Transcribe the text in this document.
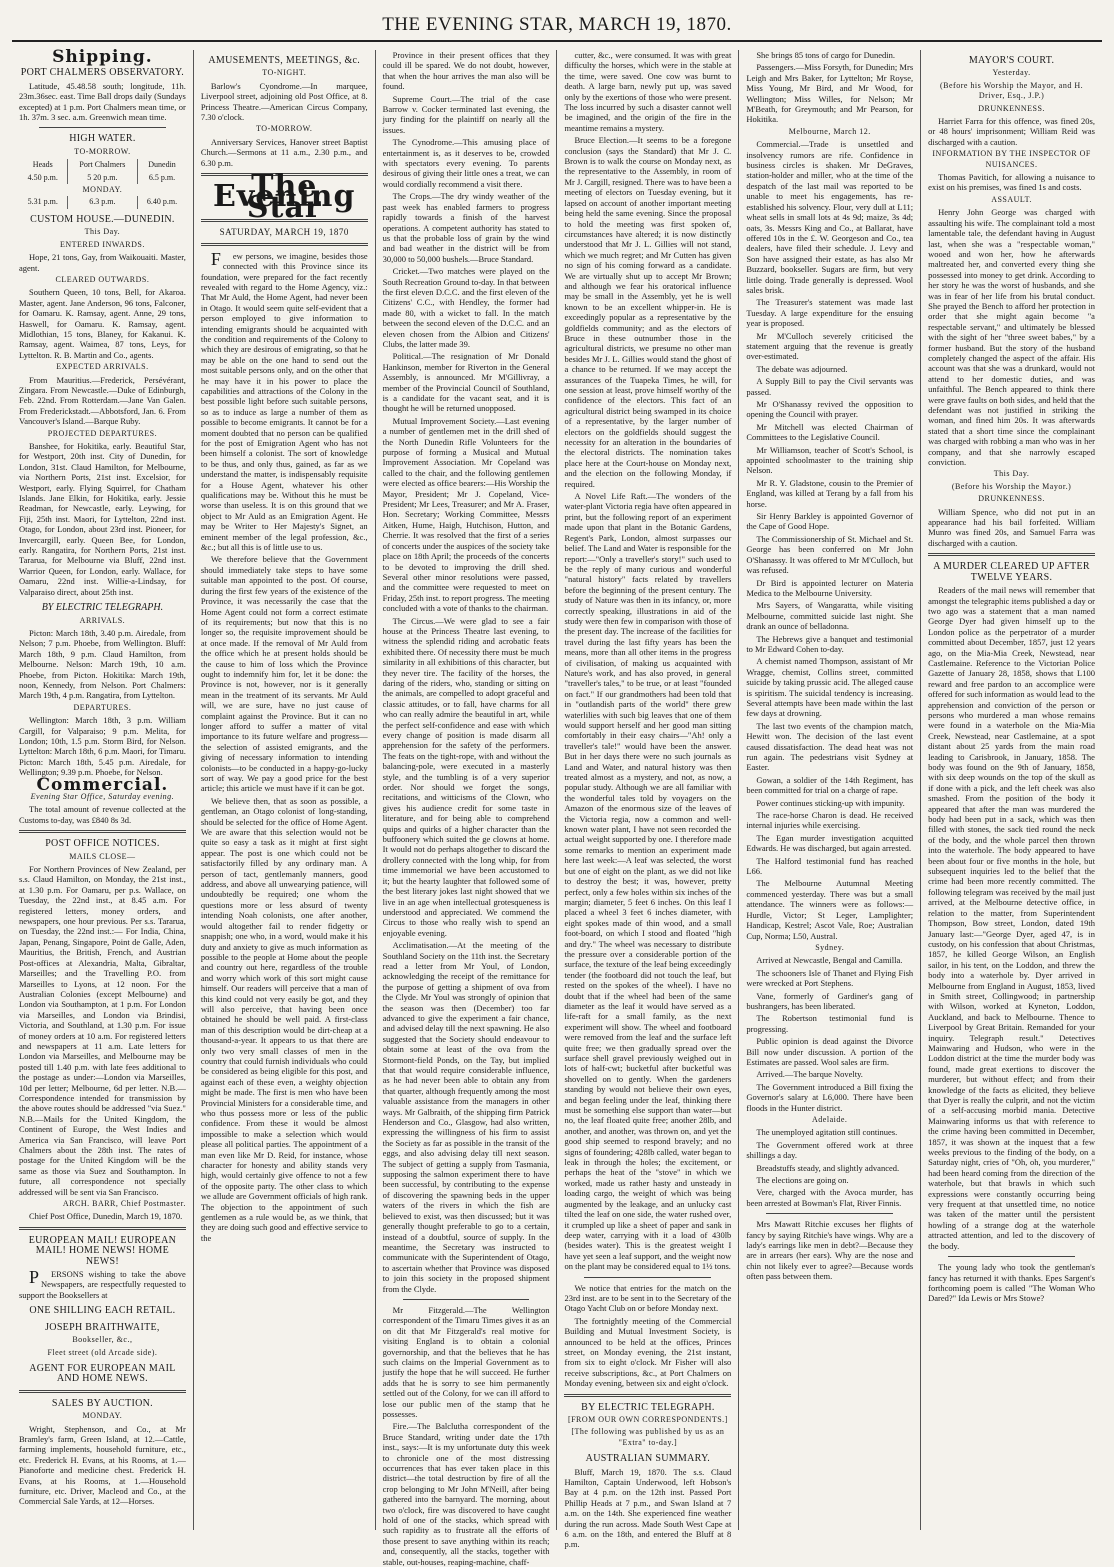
THE EVENING STAR, MARCH 19, 1870.
Shipping.
PORT CHALMERS OBSERVATORY.

Latitude, 45.48.58 south; longitude, 11h. 23m.36sec. east. Time Ball drops daily (Sundays excepted) at 1 p.m. Port Chalmers mean time, or 1h. 37m. 3 sec. a.m. Greenwich mean time.

HIGH WATER.
TO-MORROW.
Heads	Port Chalmers	Dunedin
4.50 p.m.	5 20 p.m.	6.5 p.m.
MONDAY.		
5.31 p.m.	6.3 p.m.	6.40 p.m.
CUSTOM HOUSE.—DUNEDIN.
This Day.
ENTERED INWARDS.

Hope, 21 tons, Gay, from Waikouaiti. Master, agent.

CLEARED OUTWARDS.

Southern Queen, 10 tons, Bell, for Akaroa. Master, agent. Jane Anderson, 96 tons, Falconer, for Oamaru. K. Ramsay, agent. Anne, 29 tons, Haswell, for Oamaru. K. Ramsay, agent. Midlothian, 15 tons, Blaney, for Kakanui. K. Ramsay, agent. Waimea, 87 tons, Leys, for Lyttelton. R. B. Martin and Co., agents.

EXPECTED ARRIVALS.

From Mauritius.—Frederick, Persévérant, Zingara. From Newcastle.—Duke of Edinburgh, Feb. 22nd. From Rotterdam.—Jane Van Galen. From Frederickstadt.—Abbotsford, Jan. 6. From Vancouver's Island.—Barque Ruby.

PROJECTED DEPARTURES.

Banshee, for Hokitika, early. Beautiful Star, for Westport, 20th inst. City of Dunedin, for London, 31st. Claud Hamilton, for Melbourne, via Northern Ports, 21st inst. Excelsior, for Westport, early. Flying Squirrel, for Chatham Islands. Jane Elkin, for Hokitika, early. Jessie Readman, for Newcastle, early. Leywing, for Fiji, 25th inst. Maori, for Lyttelton, 22nd inst. Otago, for London, about 23rd inst. Pioneer, for Invercargill, early. Queen Bee, for London, early. Rangatira, for Northern Ports, 21st inst. Tararua, for Melbourne via Bluff, 22nd inst. Warrior Queen, for London, early. Wallace, for Oamaru, 22nd inst. Willie-a-Lindsay, for Valparaiso direct, about 25th inst.

BY ELECTRIC TELEGRAPH.
ARRIVALS.

Picton: March 18th, 3.40 p.m. Airedale, from Nelson; 7 p.m. Phoebe, from Wellington. Bluff: March 18th, 9 p.m. Claud Hamilton, from Melbourne. Nelson: March 19th, 10 a.m. Phoebe, from Picton. Hokitika: March 19th, noon, Kennedy, from Nelson. Port Chalmers: March 19th, 4 p.m. Rangatira, from Lyttelton.

DEPARTURES.

Wellington: March 18th, 3 p.m. William Cargill, for Valparaiso; 9 p.m. Melita, for London; 10th, 1.5 p.m. Storm Bird, for Nelson. Lyttelton: March 18th, 6 p.m. Maori, for Timaru. Picton: March 18th, 5.45 p.m. Airedale, for Wellington; 9.39 p.m. Phoebe, for Nelson.

Commercial.
Evening Star Office, Saturday evening.

The total amount of revenue collected at the Customs to-day, was £840 8s 3d.

POST OFFICE NOTICES.
MAILS CLOSE—

For Northern Provinces of New Zealand, per s.s. Claud Hamilton, on Monday, the 21st inst., at 1.30 p.m. For Oamaru, per p.s. Wallace, on Tuesday, the 22nd inst., at 8.45 a.m. For registered letters, money orders, and newspapers, one hour previous. Per s.s. Tararua, on Tuesday, the 22nd inst.:— For India, China, Japan, Penang, Singapore, Point de Galle, Aden, Mauritius, the British, French, and Austrian Post-offices at Alexandria, Malta, Gibraltar, Marseilles; and the Travelling P.O. from Marseilles to Lyons, at 12 noon. For the Australian Colonies (except Melbourne) and London via Southampton, at 1 p.m. For London via Marseilles, and London via Brindisi, Victoria, and Southland, at 1.30 p.m. For issue of money orders at 10 a.m. For registered letters and newspapers at 11 a.m. Late letters for London via Marseilles, and Melbourne may be posted till 1.40 p.m. with late fees additional to the postage as under:—London via Marseilles, 10d per letter; Melbourne, 6d per letter. N.B.—Correspondence intended for transmission by the above routes should be addressed "via Suez." N.B.—Mails for the United Kingdom, the Continent of Europe, the West Indies and America via San Francisco, will leave Port Chalmers about the 28th inst. The rates of postage for the United Kingdom will be the same as those via Suez and Southampton. In future, all correspondence not specially addressed will be sent via San Francisco.

ARCH. BARR, Chief Postmaster.

Chief Post Office, Dunedin, March 19, 1870.

EUROPEAN MAIL! EUROPEAN MAIL! HOME NEWS! HOME NEWS!

PERSONS wishing to take the above Newspapers, are respectfully requested to support the Booksellers at

ONE SHILLING EACH RETAIL.
JOSEPH BRAITHWAITE,
Bookseller, &c.,
Fleet street (old Arcade side).
AGENT FOR EUROPEAN MAIL AND HOME NEWS.
SALES BY AUCTION.
MONDAY.

Wright, Stephenson, and Co., at Mr Bramley's farm, Green Island, at 12.—Cattle, farming implements, household furniture, etc., etc. Frederick H. Evans, at his Rooms, at 1.—Pianoforte and medicine chest. Frederick H. Evans, at his Rooms, at 1.—Household furniture, etc. Driver, Macleod and Co., at the Commercial Sale Yards, at 12—Horses.

AMUSEMENTS, MEETINGS, &c.
TO-NIGHT.

Barlow's Cyondrome.—In marquee, Liverpool street, adjoining old Post Office, at 8. Princess Theatre.—American Circus Company, 7.30 o'clock.

TO-MORROW.

Anniversary Services, Hanover street Baptist Church.—Sermons at 11 a.m., 2.30 p.m., and 6.30 p.m.

The Evening Star
SATURDAY, MARCH 19, 1870

Few persons, we imagine, besides those connected with this Province since its foundation, were prepared for the fact recently revealed with regard to the Home Agency, viz.: That Mr Auld, the Home Agent, had never been in Otago. It would seem quite self-evident that a person employed to give information to intending emigrants should be acquainted with the condition and requirements of the Colony to which they are desirous of emigrating, so that he may be able on the one hand to send out the most suitable persons only, and on the other that he may have it in his power to place the capabilities and attractions of the Colony in the best possible light before such suitable persons, so as to induce as large a number of them as possible to become emigrants. It cannot be for a moment doubted that no person can be qualified for the post of Emigration Agent who has not been himself a colonist. The sort of knowledge to be thus, and only thus, gained, as far as we understand the matter, is indispensably requisite for a House Agent, whatever his other qualifications may be. Without this he must be worse than useless. It is on this ground that we object to Mr Auld as an Emigration Agent. He may be Writer to Her Majesty's Signet, an eminent member of the legal profession, &c., &c.; but all this is of little use to us.

We therefore believe that the Government should immediately take steps to have some suitable man appointed to the post. Of course, during the first few years of the existence of the Province, it was necessarily the case that the Home Agent could not form a correct estimate of its requirements; but now that this is no longer so, the requisite improvement should be at once made. If the removal of Mr Auld from the office which he at present holds should be the cause to him of loss which the Province ought to indemnify him for, let it be done: the Province is not, however, nor is it generally mean in the treatment of its servants. Mr Auld will, we are sure, have no just cause of complaint against the Province. But it can no longer afford to suffer a matter of vital importance to its future welfare and progress—the selection of assisted emigrants, and the giving of necessary information to intending colonists—to be conducted in a happy-go-lucky sort of way. We pay a good price for the best article; this article we must have if it can be got.

We believe then, that as soon as possible, a gentleman, an Otago colonist of long-standing, should be selected for the office of Home Agent. We are aware that this selection would not be quite so easy a task as it might at first sight appear. The post is one which could not be satisfactorily filled by any ordinary man. A person of tact, gentlemanly manners, good address, and above all unwearying patience, will undoubtedly be required; one whom the questions more or less absurd of twenty intending Noah colonists, one after another, would altogether fail to render fidgetty or snappish; one who, in a word, would make it his duty and anxiety to give as much information as possible to the people at Home about the people and country out here, regardless of the trouble and worry which work of this sort might cause himself. Our readers will perceive that a man of this kind could not very easily be got, and they will also perceive, that having been once obtained he should be well paid. A first-class man of this description would be dirt-cheap at a thousand-a-year. It appears to us that there are only two very small classes of men in the country that could furnish individuals who could be considered as being eligible for this post, and against each of these even, a weighty objection might be made. The first is men who have been Provincial Ministers for a considerable time, and who thus possess more or less of the public confidence. From these it would be almost impossible to make a selection which would please all political parties. The appointment of a man even like Mr D. Reid, for instance, whose character for honesty and ability stands very high, would certainly give offence to not a few of the opposite party. The other class to which we allude are Government officials of high rank. The objection to the appointment of such gentlemen as a rule would be, as we think, that they are doing such good and effective service to the

Province in their present offices that they could ill be spared. We do not doubt, however, that when the hour arrives the man also will be found.

Supreme Court.—The trial of the case Barrow v. Cocker terminated last evening, the jury finding for the plaintiff on nearly all the issues.

The Cynodrome.—This amusing place of entertainment is, as it deserves to be, crowded with spectators every evening. To parents desirous of giving their little ones a treat, we can would cordially recommend a visit there.

The Crops.—The dry windy weather of the past week has enabled farmers to progress rapidly towards a finish of the harvest operations. A competent authority has stated to us that the probable loss of grain by the wind and bad weather in the district will be from 30,000 to 50,000 bushels.—Bruce Standard.

Cricket.—Two matches were played on the South Recreation Ground to-day. In that between the first eleven D.C.C. and the first eleven of the Citizens' C.C., with Hendley, the former had made 80, with a wicket to fall. In the match between the second eleven of the D.C.C. and an eleven chosen from the Albion and Citizens' Clubs, the latter made 39.

Political.—The resignation of Mr Donald Hankinson, member for Riverton in the General Assembly, is announced. Mr M'Gillivray, a member of the Provincial Council of Southland, is a candidate for the vacant seat, and it is thought he will be returned unopposed.

Mutual Improvement Society.—Last evening a number of gentlemen met in the drill shed of the North Dunedin Rifle Volunteers for the purpose of forming a Musical and Mutual Improvement Association. Mr Copeland was called to the chair, and the following gentlemen were elected as office bearers:—His Worship the Mayor, President; Mr J. Copeland, Vice-President; Mr Lees, Treasurer; and Mr A. Fraser, Hon. Secretary; Working Committee, Messrs Aitken, Hume, Haigh, Hutchison, Hutton, and Cherrie. It was resolved that the first of a series of concerts under the auspices of the society take place on 18th April; the proceeds of the concerts to be devoted to improving the drill shed. Several other minor resolutions were passed, and the committee were requested to meet on Friday, 25th inst. to report progress. The meeting concluded with a vote of thanks to the chairman.

The Circus.—We were glad to see a fair house at the Princess Theatre last evening, to witness the splendid riding and acrobatic feats exhibited there. Of necessity there must be much similarity in all exhibitions of this character, but they never tire. The facility of the horses, the daring of the riders, who, standing or sitting on the animals, are compelled to adopt graceful and classic attitudes, or to fall, have charms for all who can really admire the beautiful in art, while the perfect self-confidence and ease with which every change of position is made disarm all apprehension for the safety of the performers. The feats on the tight-rope, with and without the balancing-pole, were executed in a masterly style, and the tumbling is of a very superior order. Nor should we forget the songs, recitations, and witticisms of the Clown, who gives his audience credit for some taste in literature, and for being able to comprehend quips and quirks of a higher character than the buffoonery which suited the ge clowns at home. It would not do perhaps altogether to discard the drollery connected with the long whip, for from time immemorial we have been accustomed to it; but the hearty laughter that followed some of the best literary jokes last night showed that we live in an age when intellectual grotesqueness is understood and appreciated. We commend the Circus to those who really wish to spend an enjoyable evening.

Acclimatisation.—At the meeting of the Southland Society on the 11th inst. the Secretary read a letter from Mr Youl, of London, acknowledging the receipt of the remittance for the purpose of getting a shipment of ova from the Clyde. Mr Youl was strongly of opinion that the season was then (December) too far advanced to give the experiment a fair chance, and advised delay till the next spawning. He also suggested that the Society should endeavour to obtain some at least of the ova from the Stormont-field Ponds, on the Tay, but implied that that would require considerable influence, as he had never been able to obtain any from that quarter, although frequently among the most valuable assistance from the managers in other ways. Mr Galbraith, of the shipping firm Patrick Henderson and Co., Glasgow, had also written, expressing the willingness of his firm to assist the Society as far as possible in the transit of the eggs, and also advising delay till next season. The subject of getting a supply from Tasmania, supposing the salmon experiment there to have been successful, by contributing to the expense of discovering the spawning beds in the upper waters of the rivers in which the fish are believed to exist, was then discussed; but it was generally thought preferable to go to a certain, instead of a doubtful, source of supply. In the meantime, the Secretary was instructed to communicate with the Superintendent of Otago, to ascertain whether that Province was disposed to join this society in the proposed shipment from the Clyde.

Mr Fitzgerald.—The Wellington correspondent of the Timaru Times gives it as an on dit that Mr Fitzgerald's real motive for visiting England is to obtain a colonial governorship, and that the believes that he has such claims on the Imperial Government as to justify the hope that he will succeed. He further adds that he is sorry to see him permanently settled out of the Colony, for we can ill afford to lose our public men of the stamp that he possesses.

Fire.—The Balclutha correspondent of the Bruce Standard, writing under date the 17th inst., says:—It is my unfortunate duty this week to chronicle one of the most distressing occurrences that has ever taken place in this district—the total destruction by fire of all the crop belonging to Mr John M'Neill, after being gathered into the barnyard. The morning, about two o'clock, fire was discovered to have caught hold of one of the stacks, which spread with such rapidity as to frustrate all the efforts of those present to save anything within its reach; and, consequently, all the stacks, together with stable, out-houses, reaping-machine, chaff-

cutter, &c., were consumed. It was with great difficulty the horses, which were in the stable at the time, were saved. One cow was burnt to death. A large barn, newly put up, was saved only by the exertions of those who were present. The loss incurred by such a disaster cannot well be imagined, and the origin of the fire in the meantime remains a mystery.

Bruce Election.—It seems to be a foregone conclusion (says the Standard) that Mr J. C. Brown is to walk the course on Monday next, as the representative to the Assembly, in room of Mr J. Cargill, resigned. There was to have been a meeting of electors on Tuesday evening, but it lapsed on account of another important meeting being held the same evening. Since the proposal to hold the meeting was first spoken of, circumstances have altered; it is now distinctly understood that Mr J. L. Gillies will not stand, which we much regret; and Mr Cutten has given no sign of his coming forward as a candidate. We are virtually shut up to accept Mr Brown; and although we fear his oratorical influence may be small in the Assembly, yet he is well known to be an excellent whipper-in. He is exceedingly popular as a representative by the goldfields community; and as the electors of Bruce in these outnumber those in the agricultural districts, we presume no other man besides Mr J. L. Gillies would stand the ghost of a chance to be returned. If we may accept the assurances of the Tuapeka Times, he will, for one session at least, prove himself worthy of the confidence of the electors. This fact of an agricultural district being swamped in its choice of a representative, by the larger number of electors on the goldfields should suggest the necessity for an alteration in the boundaries of the electoral districts. The nomination takes place here at the Court-house on Monday next, and the election on the following Monday, if required.

A Novel Life Raft.—The wonders of the water-plant Victoria regia have often appeared in print, but the following report of an experiment made upon that plant in the Botanic Gardens, Regent's Park, London, almost surpasses our belief. The Land and Water is responsible for the report:—"Only a traveller's story!" such used to be the reply of many curious and wonderful "natural history" facts related by travellers before the beginning of the present century. The study of Nature was then in its infancy, or, more correctly speaking, illustrations in aid of the study were then few in comparison with those of the present day. The increase of the facilities for travel during the last fifty years has been the means, more than all other items in the progress of civilisation, of making us acquainted with Nature's work, and has also proved, in general "traveller's tales," to be true, or at least "founded on fact." If our grandmothers had been told that in "outlandish parts of the world" there grew waterlilies with such big leaves that one of them would support herself and her good man sitting comfortably in their easy chairs—"Ah! only a traveller's tale!" would have been the answer. But in her days there were no such journals as Land and Water, and natural history was then treated almost as a mystery, and not, as now, a popular study. Although we are all familiar with the wonderful tales told by voyagers on the Amazon of the enormous size of the leaves of the Victoria regia, now a common and well-known water plant, I have not seen recorded the actual weight supported by one. I therefore made some remarks to mention an experiment made here last week:—A leaf was selected, the worst but one of eight on the plant, as we did not like to destroy the best; it was, however, pretty perfect, only a few holes within six inches of the margin; diameter, 5 feet 6 inches. On this leaf I placed a wheel 3 feet 6 inches diameter, with eight spokes made of thin wood, and a small foot-board, on which I stood and floated "high and dry." The wheel was necessary to distribute the pressure over a considerable portion of the surface, the texture of the leaf being exceedingly tender (the footboard did not touch the leaf, but rested on the spokes of the wheel). I have no doubt that if the wheel had been of the same diameter as the leaf it would have served as a life-raft for a small family, as the next experiment will show. The wheel and footboard were removed from the leaf and the surface left quite free; we then gradually spread over the surface shell gravel previously weighed out in lots of half-cwt; bucketful after bucketful was shovelled on to gently. When the gardeners standing by would not believe their own eyes, and began feeling under the leaf, thinking there must be something else support than water—but no, the leaf floated quite free; another 28lb, and another, and another, was thrown on, and yet the good ship seemed to respond bravely; and no signs of foundering; 428lb called, water began to leak in through the holes; the excitement, or perhaps the heat of the "stove" in which we worked, made us rather hasty and unsteady in loading cargo, the weight of which was being augmented by the leakage, and an unlucky cast tilted the leaf on one side, the water rushed over, it crumpled up like a sheet of paper and sank in deep water, carrying with it a load of 430lb (besides water). This is the greatest weight I have yet seen a leaf support, and the weight now on the plant may be considered equal to 1½ tons.

We notice that entries for the match on the 23rd inst. are to be sent in to the Secretary of the Otago Yacht Club on or before Monday next.

The fortnightly meeting of the Commercial Building and Mutual Investment Society, is announced to be held at the offices, Princes street, on Monday evening, the 21st instant, from six to eight o'clock. Mr Fisher will also receive subscriptions, &c., at Port Chalmers on Monday evening, between six and eight o'clock.

BY ELECTRIC TELEGRAPH.
[FROM OUR OWN CORRESPONDENTS.]
[The following was published by us as an "Extra" to-day.]
AUSTRALIAN SUMMARY.

Bluff, March 19, 1870. The s.s. Claud Hamilton, Captain Underwood, left Hobson's Bay at 4 p.m. on the 12th inst. Passed Port Phillip Heads at 7 p.m., and Swan Island at 7 a.m. on the 14th. She experienced fine weather during the run across. Made South West Cape at 6 a.m. on the 18th, and entered the Bluff at 8 p.m.

She brings 85 tons of cargo for Dunedin.

Passengers.—Miss Forsyth, for Dunedin; Mrs Leigh and Mrs Baker, for Lyttelton; Mr Royse, Miss Young, Mr Bird, and Mr Wood, for Wellington; Miss Willes, for Nelson; Mr M'Beath, for Greymouth; and Mr Pearson, for Hokitika.

Melbourne, March 12.

Commercial.—Trade is unsettled and insolvency rumors are rife. Confidence in business circles is shaken. Mr DeGraves, station-holder and miller, who at the time of the despatch of the last mail was reported to be unable to meet his engagements, has re-established his solvency. Flour, very dull at L11; wheat sells in small lots at 4s 9d; maize, 3s 4d; oats, 3s. Messrs King and Co., at Ballarat, have offered 10s in the £. W. Georgeson and Co., tea dealers, have filed their schedule. J. Levy and Son have assigned their estate, as has also Mr Buzzard, bookseller. Sugars are firm, but very little doing. Trade generally is depressed. Wool sales brisk.

The Treasurer's statement was made last Tuesday. A large expenditure for the ensuing year is proposed.

Mr M'Culloch severely criticised the statement arguing that the revenue is greatly over-estimated.

The debate was adjourned.

A Supply Bill to pay the Civil servants was passed.

Mr O'Shanassy revived the opposition to opening the Council with prayer.

Mr Mitchell was elected Chairman of Committees to the Legislative Council.

Mr Williamson, teacher of Scott's School, is appointed schoolmaster to the training ship Nelson.

Mr R. Y. Gladstone, cousin to the Premier of England, was killed at Terang by a fall from his horse.

Sir Henry Barkley is appointed Governor of the Cape of Good Hope.

The Commissionership of St. Michael and St. George has been conferred on Mr John O'Shanassy. It was offered to Mr M'Culloch, but was refused.

Dr Bird is appointed lecturer on Materia Medica to the Melbourne University.

Mrs Sayers, of Wangaratta, while visiting Melbourne, committed suicide last night. She drank an ounce of belladonna.

The Hebrews give a banquet and testimonial to Mr Edward Cohen to-day.

A chemist named Thompson, assistant of Mr Wragge, chemist, Collins street, committed suicide by taking prussic acid. The alleged cause is spiritism. The suicidal tendency is increasing. Several attempts have been made within the last few days at drowning.

The last two events of the champion match, Hewitt won. The decision of the last event caused dissatisfaction. The dead heat was not run again. The pedestrians visit Sydney at Easter.

Gowan, a soldier of the 14th Regiment, has been committed for trial on a charge of rape.

Power continues sticking-up with impunity.

The race-horse Charon is dead. He received internal injuries while exercising.

The Egan murder investigation acquitted Edwards. He was discharged, but again arrested.

The Halford testimonial fund has reached L66.

The Melbourne Autumnal Meeting commenced yesterday. There was but a small attendance. The winners were as follows:—Hurdle, Victor; St Leger, Lamplighter; Handicap, Kestrel; Ascot Vale, Roe; Australian Cup, Norma; L50, Austral.

Sydney.

Arrived at Newcastle, Bengal and Camilla.

The schooners Isle of Thanet and Flying Fish were wrecked at Port Stephens.

Vane, formerly of Gardiner's gang of bushrangers, has been liberated.

The Robertson testimonial fund is progressing.

Public opinion is dead against the Divorce Bill now under discussion. A portion of the Estimates are passed. Wool sales are firm.

Arrived.—The barque Novelty.

The Government introduced a Bill fixing the Governor's salary at L6,000. There have been floods in the Hunter district.

Adelaide.

The unemployed agitation still continues.

The Government offered work at three shillings a day.

Breadstuffs steady, and slightly advanced.

The elections are going on.

Vere, charged with the Avoca murder, has been arrested at Bowman's Flat, River Finnis.

Mrs Mawatt Ritchie excuses her flights of fancy by saying Ritchie's have wings. Why are a lady's earrings like men in debt?—Because they are in arrears (her ears). Why are the nose and chin not likely ever to agree?—Because words often pass between them.

MAYOR'S COURT.
Yesterday.
(Before his Worship the Mayor, and H. Driver, Esq., J.P.)
DRUNKENNESS.

Harriet Farra for this offence, was fined 20s, or 48 hours' imprisonment; William Reid was discharged with a caution.

INFORMATION BY THE INSPECTOR OF NUISANCES.

Thomas Pavitich, for allowing a nuisance to exist on his premises, was fined 1s and costs.

ASSAULT.

Henry John George was charged with assaulting his wife. The complainant told a most lamentable tale, the defendant having in August last, when she was a "respectable woman," wooed and won her, how he afterwards maltreated her, and converted every thing she possessed into money to get drink. According to her story he was the worst of husbands, and she was in fear of her life from his brutal conduct. She prayed the Bench to afford her protection in order that she might again become "a respectable servant," and ultimately be blessed with the sight of her "three sweet babes," by a former husband. But the story of the husband completely changed the aspect of the affair. His account was that she was a drunkard, would not attend to her domestic duties, and was unfaithful. The Bench appeared to think there were grave faults on both sides, and held that the defendant was not justified in striking the woman, and fined him 20s. It was afterwards stated that a short time since the complainant was charged with robbing a man who was in her company, and that she narrowly escaped conviction.

This Day.
(Before his Worship the Mayor.)
DRUNKENNESS.

William Spence, who did not put in an appearance had his bail forfeited. William Munro was fined 20s, and Samuel Farra was discharged with a caution.

A MURDER CLEARED UP AFTER TWELVE YEARS.

Readers of the mail news will remember that amongst the telegraphic items published a day or two ago was a statement that a man named George Dyer had given himself up to the London police as the perpetrator of a murder committed about December, 1857, just 12 years ago, on the Mia-Mia Creek, Newstead, near Castlemaine. Reference to the Victorian Police Gazette of January 28, 1858, shows that L100 reward and free pardon to an accomplice were offered for such information as would lead to the apprehension and conviction of the person or persons who murdered a man whose remains were found in a waterhole on the Mia-Mia Creek, Newstead, near Castlemaine, at a spot distant about 25 yards from the main road leading to Carisbrook, in January, 1858. The body was found on the 9th of January, 1858, with six deep wounds on the top of the skull as if done with a pick, and the left cheek was also smashed. From the position of the body it appeared that after the man was murdered the body had been put in a sack, which was then filled with stones, the sack tied round the neck of the body, and the whole parcel then thrown into the waterhole. The body appeared to have been about four or five months in the hole, but subsequent inquiries led to the belief that the crime had been more recently committed. The following telegram was received by the mail just arrived, at the Melbourne detective office, in relation to the matter, from Superintendent Thompson, Bow street, London, dated 19th January last:—"George Dyer, aged 47, is in custody, on his confession that about Christmas, 1857, he killed George Wilson, an English sailor, in his tent, on the Loddon, and threw the body into a waterhole by. Dyer arrived in Melbourne from England in August, 1853, lived in Smith street, Collingwood; in partnership with Wilson, worked at Kyneton, Loddon, Auckland, and back to Melbourne. Thence to Liverpool by Great Britain. Remanded for your inquiry. Telegraph result." Detectives Mainwaring and Hudson, who were in the Loddon district at the time the murder body was found, made great exertions to discover the murderer, but without effect; and from their knowledge of the facts as elicited, they believe that Dyer is really the culprit, and not the victim of a self-accusing morbid mania. Detective Mainwaring informs us that with reference to the crime having been committed in December, 1857, it was shown at the inquest that a few weeks previous to the finding of the body, on a Saturday night, cries of "Oh, oh, you murderer," had been heard coming from the direction of the waterhole, but that brawls in which such expressions were constantly occurring being very frequent at that unsettled time, no notice was taken of the matter until the persistent howling of a strange dog at the waterhole attracted attention, and led to the discovery of the body.

The young lady who took the gentleman's fancy has returned it with thanks. Epes Sargent's forthcoming poem is called "The Woman Who Dared?" Ida Lewis or Mrs Stowe?
